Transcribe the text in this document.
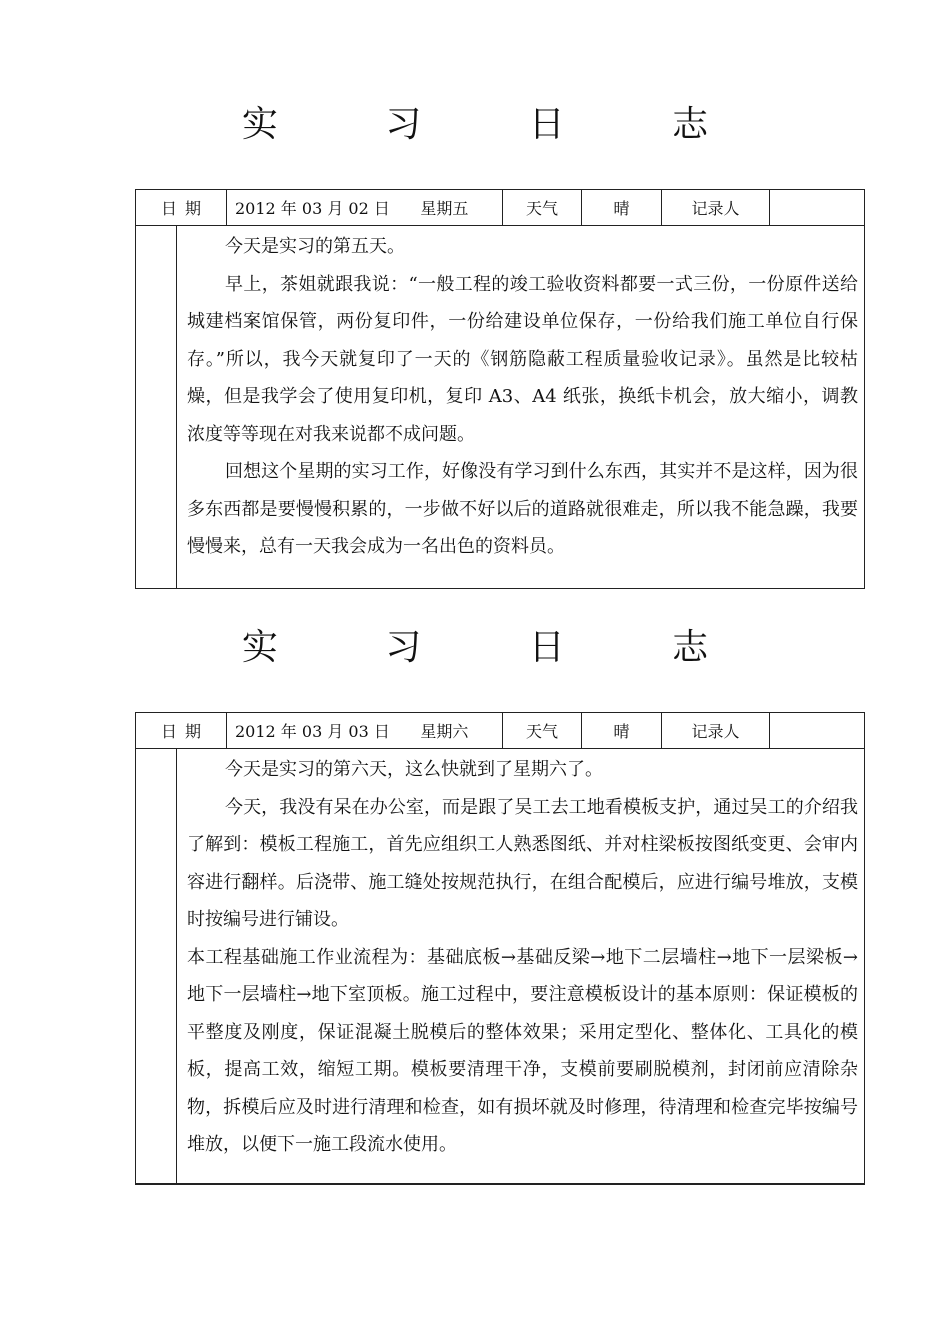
实 习 日 志
日期	2012 年 03 月 02 日      星期五	天气	晴	记录人

今天是实习的第五天。

早上，茶姐就跟我说：“一般工程的竣工验收资料都要一式三份，一份原件送给城建档案馆保管，两份复印件，一份给建设单位保存，一份给我们施工单位自行保存。”所以，我今天就复印了一天的《钢筋隐蔽工程质量验收记录》。虽然是比较枯燥，但是我学会了使用复印机，复印 A3、A4 纸张，换纸卡机会，放大缩小，调教浓度等等现在对我来说都不成问题。

回想这个星期的实习工作，好像没有学习到什么东西，其实并不是这样，因为很多东西都是要慢慢积累的，一步做不好以后的道路就很难走，所以我不能急躁，我要慢慢来，总有一天我会成为一名出色的资料员。

实 习 日 志
日期	2012 年 03 月 03 日      星期六	天气	晴	记录人

今天是实习的第六天，这么快就到了星期六了。

今天，我没有呆在办公室，而是跟了吴工去工地看模板支护，通过吴工的介绍我了解到：模板工程施工，首先应组织工人熟悉图纸、并对柱梁板按图纸变更、会审内容进行翻样。后浇带、施工缝处按规范执行，在组合配模后，应进行编号堆放，支模时按编号进行铺设。

本工程基础施工作业流程为：基础底板→基础反梁→地下二层墙柱→地下一层梁板→地下一层墙柱→地下室顶板。施工过程中，要注意模板设计的基本原则：保证模板的平整度及刚度，保证混凝土脱模后的整体效果；采用定型化、整体化、工具化的模板，提高工效，缩短工期。模板要清理干净，支模前要刷脱模剂，封闭前应清除杂物，拆模后应及时进行清理和检查，如有损坏就及时修理，待清理和检查完毕按编号堆放，以便下一施工段流水使用。
